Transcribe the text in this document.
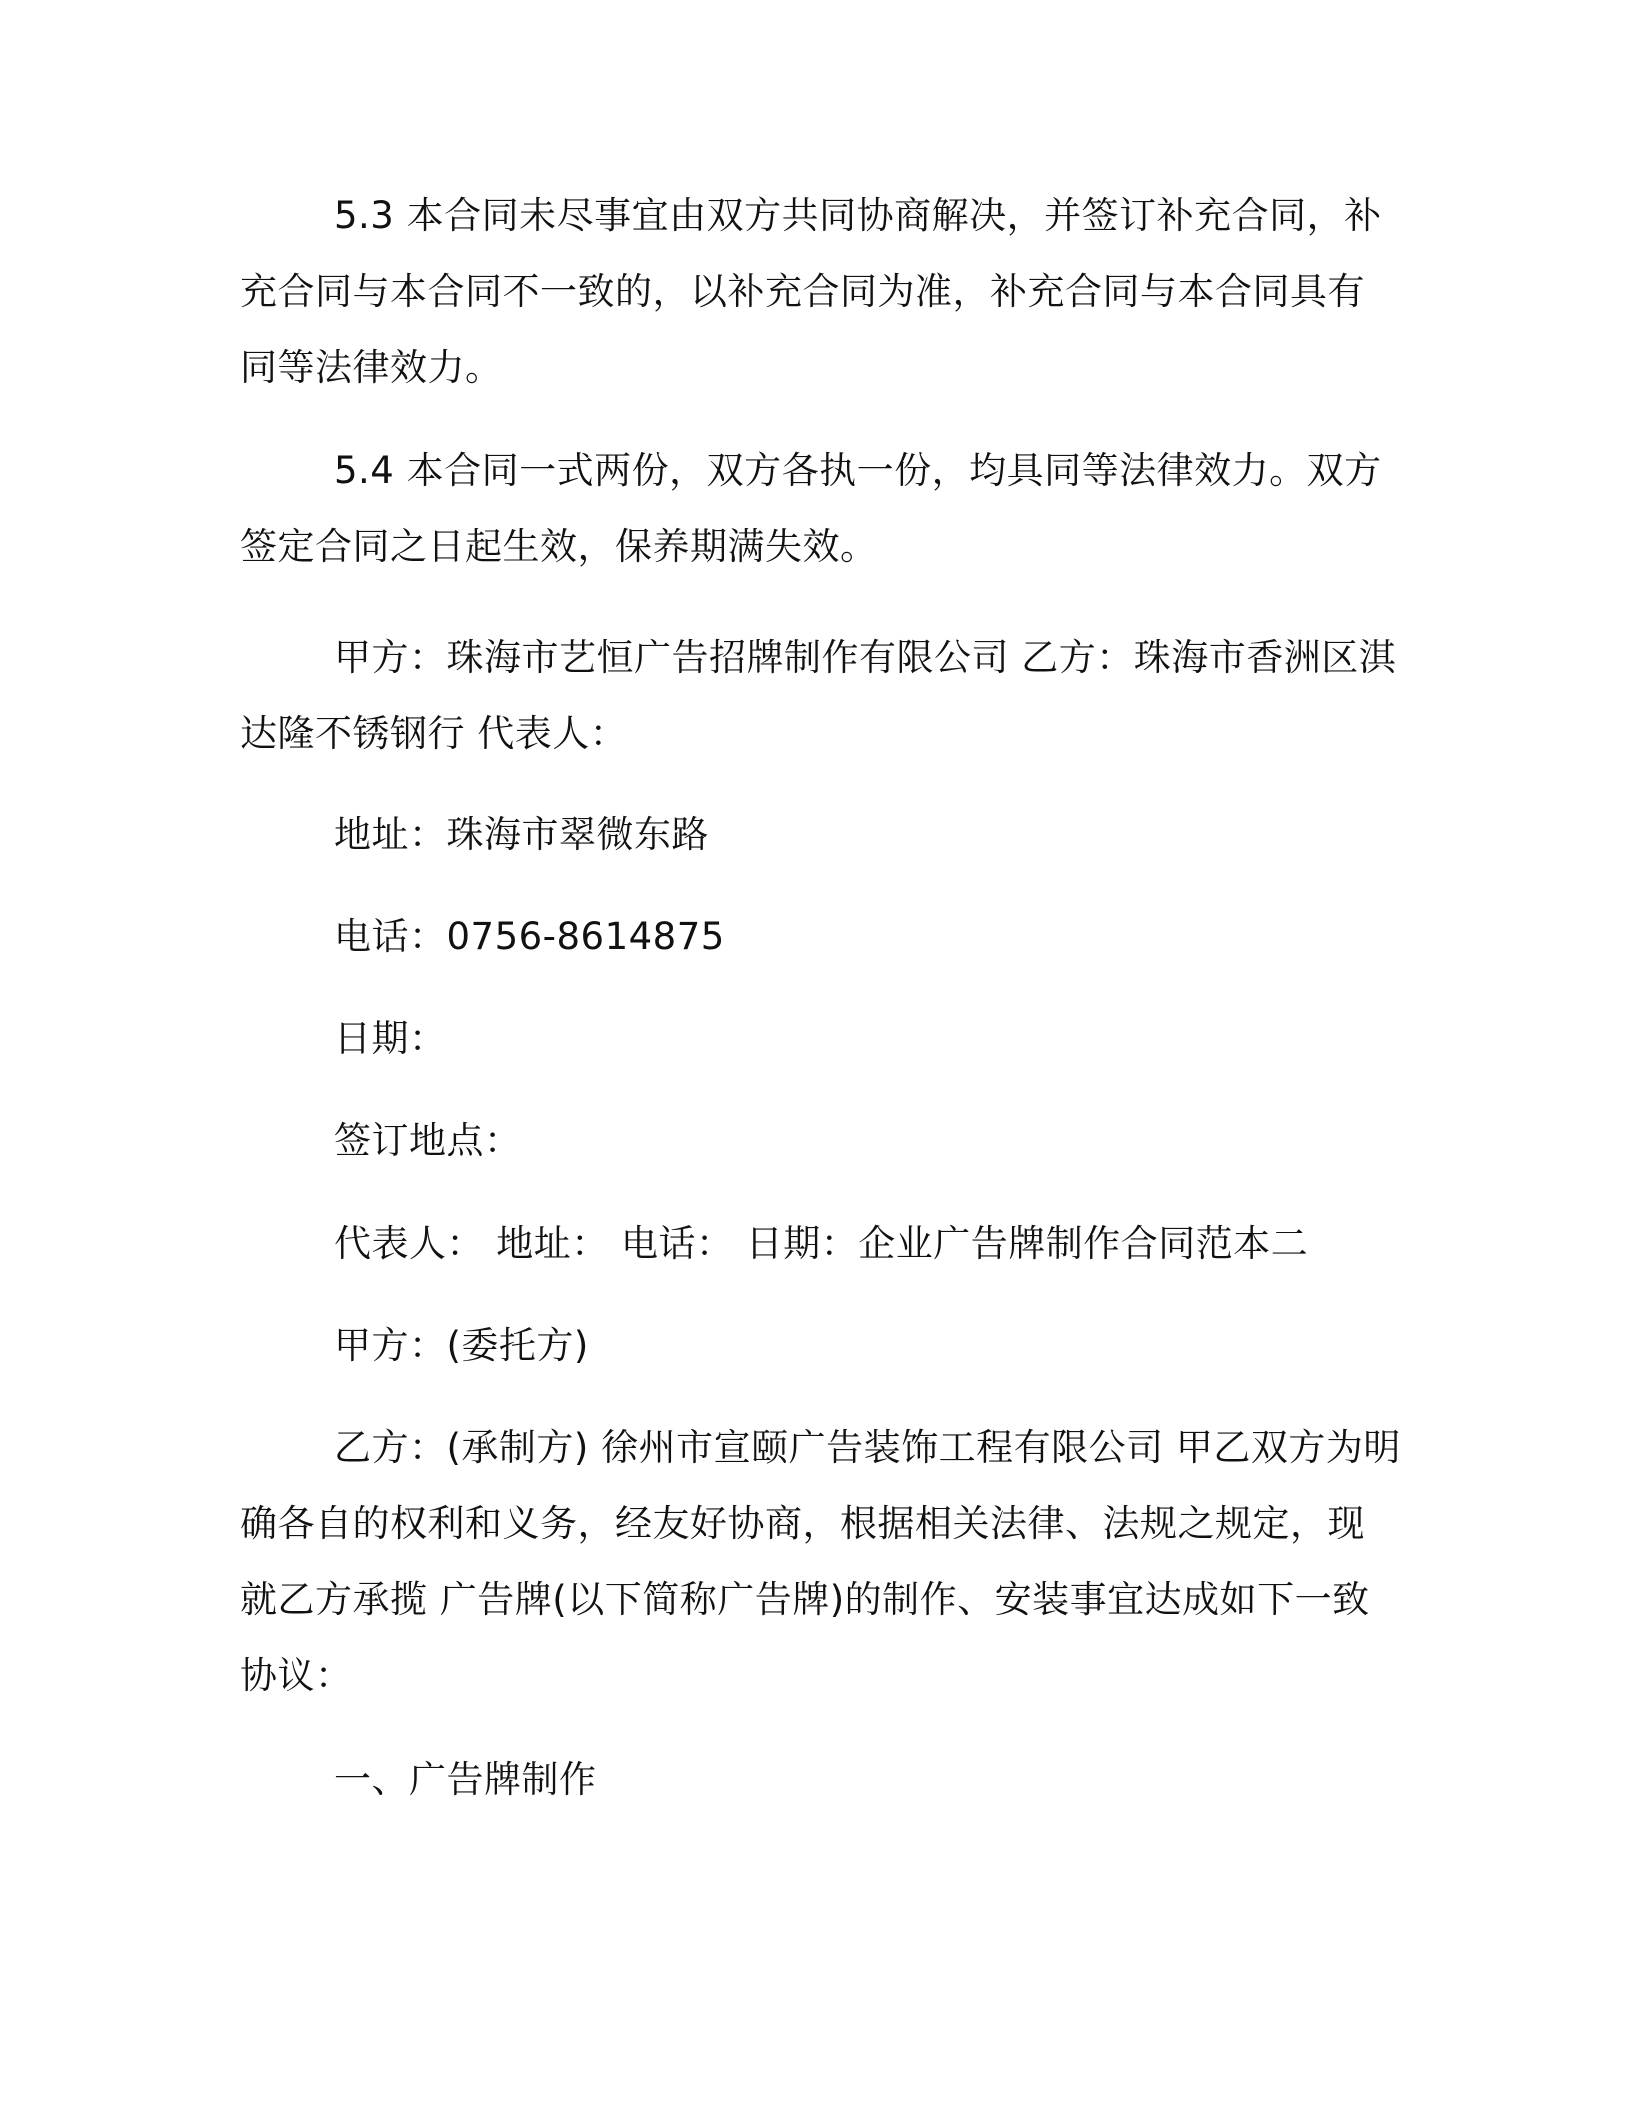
5.3 本合同未尽事宜由双方共同协商解决，并签订补充合同，补
充合同与本合同不一致的，以补充合同为准，补充合同与本合同具有
同等法律效力。
5.4 本合同一式两份，双方各执一份，均具同等法律效力。双方
签定合同之日起生效，保养期满失效。
甲方：珠海市艺恒广告招牌制作有限公司 乙方：珠海市香洲区淇
达隆不锈钢行 代表人：
地址：珠海市翠微东路
电话：0756-8614875
日期：
签订地点：
代表人： 地址： 电话： 日期：企业广告牌制作合同范本二
甲方：(委托方)
乙方：(承制方) 徐州市宣颐广告装饰工程有限公司 甲乙双方为明
确各自的权利和义务，经友好协商，根据相关法律、法规之规定，现
就乙方承揽 广告牌(以下简称广告牌)的制作、安装事宜达成如下一致
协议：
一、广告牌制作
